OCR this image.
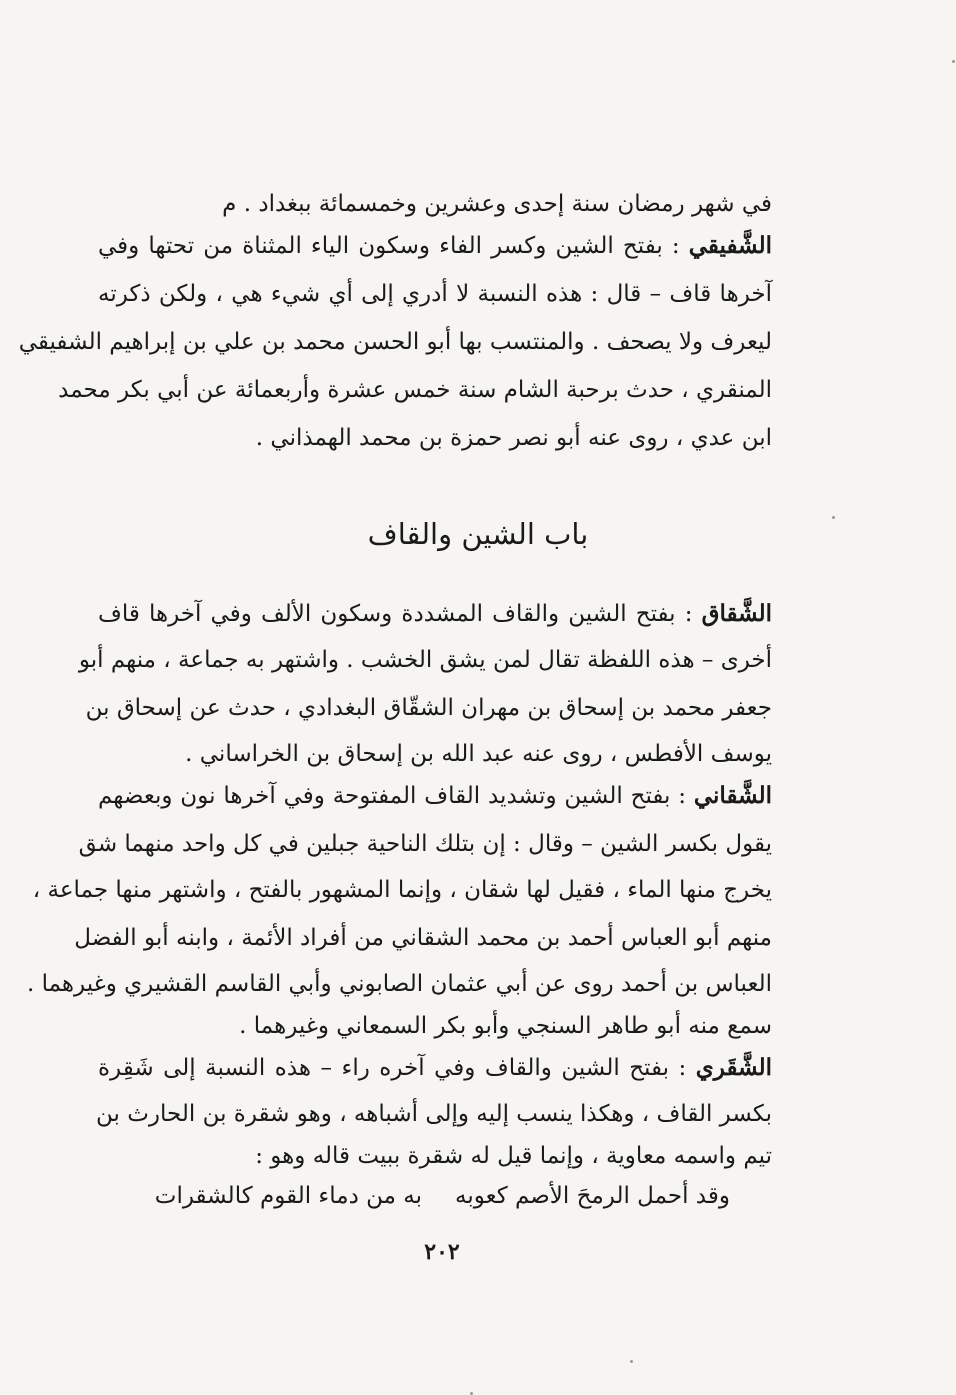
في شهر رمضان سنة إحدى وعشرين وخمسمائة ببغداد . م
الشَّفيقي : بفتح الشين وكسر الفاء وسكون الياء المثناة من تحتها وفي
آخرها قاف – قال : هذه النسبة لا أدري إلى أي شيء هي ، ولكن ذكرته
ليعرف ولا يصحف . والمنتسب بها أبو الحسن محمد بن علي بن إبراهيم الشفيقي
المنقري ، حدث برحبة الشام سنة خمس عشرة وأربعمائة عن أبي بكر محمد
ابن عدي ، روى عنه أبو نصر حمزة بن محمد الهمذاني .
باب الشين والقاف
الشَّقاق : بفتح الشين والقاف المشددة وسكون الألف وفي آخرها قاف
أخرى – هذه اللفظة تقال لمن يشق الخشب . واشتهر به جماعة ، منهم أبو
جعفر محمد بن إسحاق بن مهران الشقّاق البغدادي ، حدث عن إسحاق بن
يوسف الأفطس ، روى عنه عبد الله بن إسحاق بن الخراساني .
الشَّقاني : بفتح الشين وتشديد القاف المفتوحة وفي آخرها نون وبعضهم
يقول بكسر الشين – وقال : إن بتلك الناحية جبلين في كل واحد منهما شق
يخرج منها الماء ، فقيل لها شقان ، وإنما المشهور بالفتح ، واشتهر منها جماعة ،
منهم أبو العباس أحمد بن محمد الشقاني من أفراد الأئمة ، وابنه أبو الفضل
العباس بن أحمد روى عن أبي عثمان الصابوني وأبي القاسم القشيري وغيرهما .
سمع منه أبو طاهر السنجي وأبو بكر السمعاني وغيرهما .
الشَّقَري : بفتح الشين والقاف وفي آخره راء – هذه النسبة إلى شَقِرة
بكسر القاف ، وهكذا ينسب إليه وإلى أشباهه ، وهو شقرة بن الحارث بن
تيم واسمه معاوية ، وإنما قيل له شقرة ببيت قاله وهو :
وقد أحمل الرمحَ الأصم كعوبه
به من دماء القوم كالشقرات
٢٠٢
